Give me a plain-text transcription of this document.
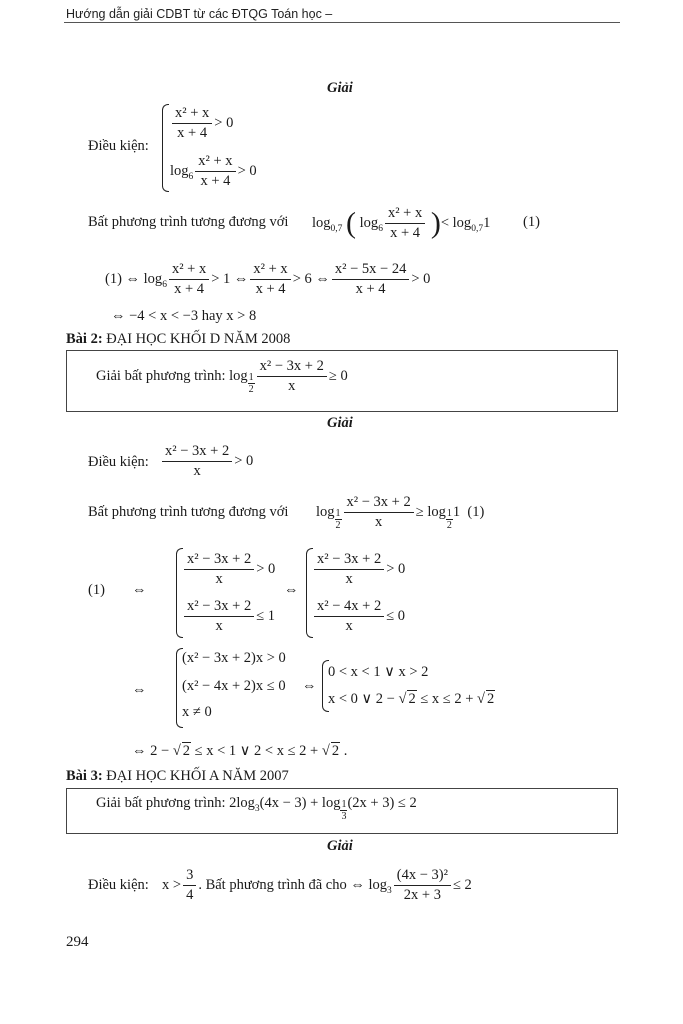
Hướng dẫn giải CDBT từ các ĐTQG Toán học –
Giải
Điều kiện:
$\frac{\text{x² + x}}{x + 4} > 0$
$\log_6 \frac{\text{x² + x}}{x + 4} > 0$
Bất phương trình tương đương với $\log_{0,7}$ ( $\log_6 \frac{\text{x² + x}}{x + 4}$ )< $\log_{0,7}1$ (1)
(1) ⇔ $\log_6 \frac{\text{x² + x}}{x + 4} > 1$ ⇔ $\frac{\text{x² + x}}{x + 4} > 6$ ⇔ $\frac{\text{x² − 5x − 24}}{x + 4} > 0$
⇔ −4 < x < −3 hay x > 8
Bài 2: ĐẠI HỌC KHỐI D NĂM 2008
Giải bất phương trình: $\log \frac{1}{2} \frac{\text{x² − 3x + 2}}{x} \ge 0$
Giải
Điều kiện: $\frac{\text{x² − 3x + 2}}{x} > 0$
Bất phương trình tương đương với $\log \frac{1}{2} \frac{\text{x² − 3x + 2}}{x} \ge \log \frac{1}{2} 1$ (1)
(1) ⇔
$\frac{\text{x² − 3x + 2}}{x} > 0$
$\frac{\text{x² − 3x + 2}}{x} \le 1$
⇔
$\frac{\text{x² − 3x + 2}}{x} > 0$
$\frac{\text{x² − 4x + 2}}{x} \le 0$
⇔
(x² − 3x + 2)x > 0
(x² − 4x + 2)x ≤ 0
x ≠ 0
⇔
0 < x < 1 ∨ x > 2
x < 0 ∨ 2 − √ 2 ≤ x ≤ 2 + √ 2
⇔ 2 − √ 2 ≤ x < 1 ∨ 2 < x ≤ 2 + √ 2 .
Bài 3: ĐẠI HỌC KHỐI A NĂM 2007
Giải bất phương trình: $2\log_3(4x - 3) + \log \frac{1}{3} (2x + 3) \le 2$
Giải
Điều kiện: $x > \frac{3}{4}$ . Bất phương trình đã cho ⇔ $\log_3 \frac{\text{(4x − 3)²}}{2x + 3} \le 2$
294
